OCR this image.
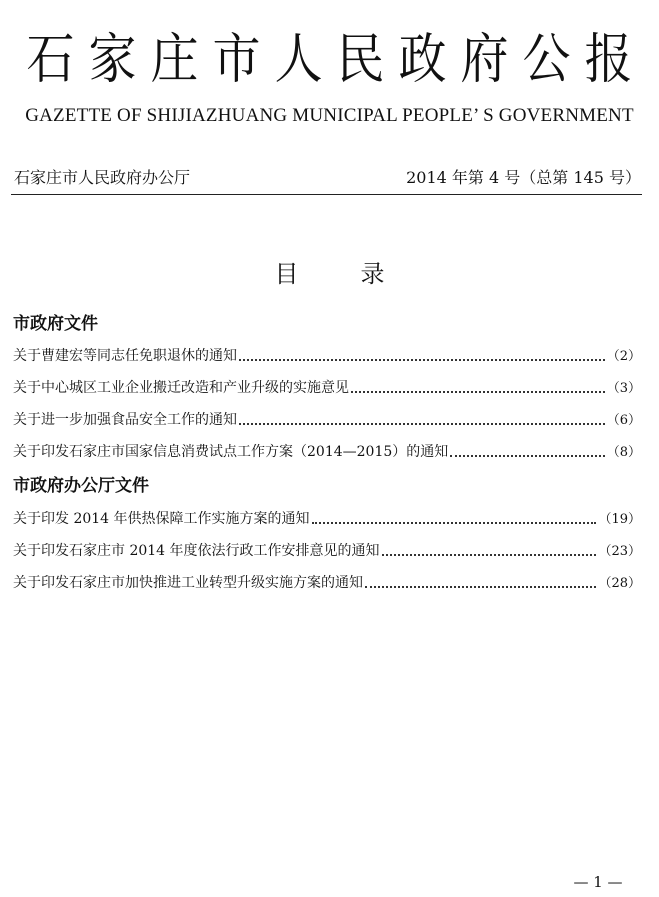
石家庄市人民政府公报
GAZETTE OF SHIJIAZHUANG MUNICIPAL PEOPLE’ S GOVERNMENT
石家庄市人民政府办公厅	2014 年第 4 号（总第 145 号）
目	录
市政府文件
关于曹建宏等同志任免职退休的通知	（2）
关于中心城区工业企业搬迁改造和产业升级的实施意见	（3）
关于进一步加强食品安全工作的通知	（6）
关于印发石家庄市国家信息消费试点工作方案（2014—2015）的通知	（8）
市政府办公厅文件
关于印发 2014 年供热保障工作实施方案的通知	（19）
关于印发石家庄市 2014 年度依法行政工作安排意见的通知	（23）
关于印发石家庄市加快推进工业转型升级实施方案的通知	（28）
— 1 —
